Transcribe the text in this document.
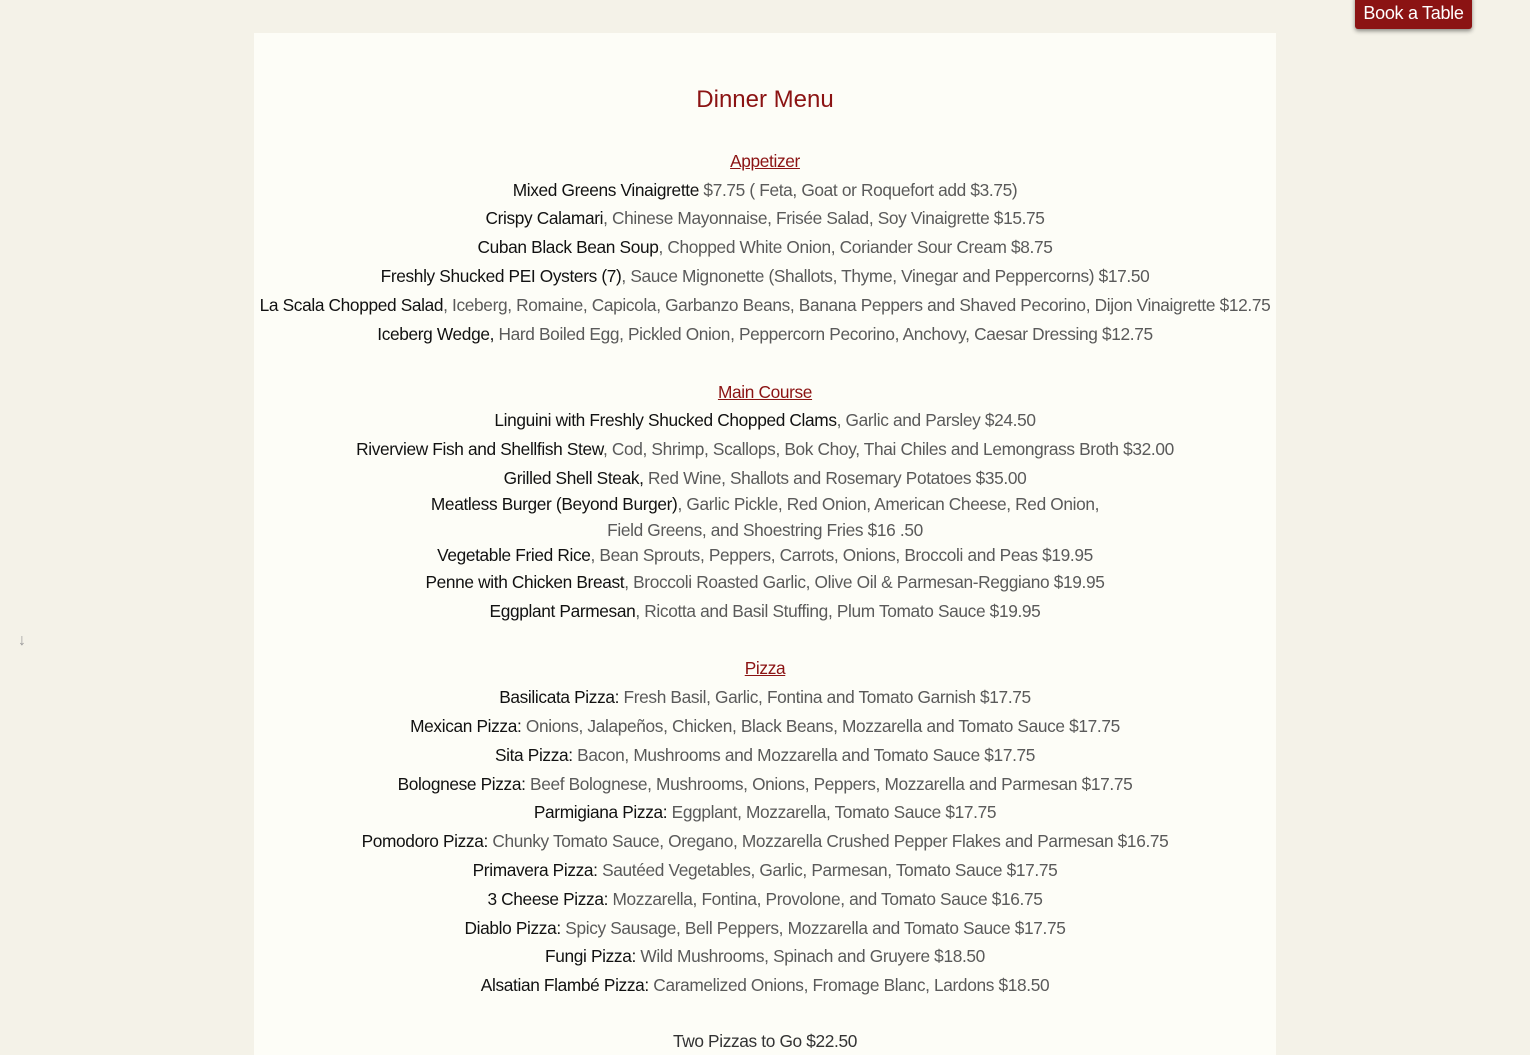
Book a Table
↓
Dinner Menu
Appetizer
Mixed Greens Vinaigrette $7.75 ( Feta, Goat or Roquefort add $3.75)
Crispy Calamari, Chinese Mayonnaise, Frisée Salad, Soy Vinaigrette $15.75
Cuban Black Bean Soup, Chopped White Onion, Coriander Sour Cream $8.75
Freshly Shucked PEI Oysters (7), Sauce Mignonette (Shallots, Thyme, Vinegar and Peppercorns) $17.50
La Scala Chopped Salad, Iceberg, Romaine, Capicola, Garbanzo Beans, Banana Peppers and Shaved Pecorino, Dijon Vinaigrette $12.75
Iceberg Wedge, Hard Boiled Egg, Pickled Onion, Peppercorn Pecorino, Anchovy, Caesar Dressing $12.75
Main Course
Linguini with Freshly Shucked Chopped Clams, Garlic and Parsley $24.50
Riverview Fish and Shellfish Stew, Cod, Shrimp, Scallops, Bok Choy, Thai Chiles and Lemongrass Broth $32.00
Grilled Shell Steak, Red Wine, Shallots and Rosemary Potatoes $35.00
Meatless Burger (Beyond Burger), Garlic Pickle, Red Onion, American Cheese, Red Onion,
Field Greens, and Shoestring Fries $16 .50
Vegetable Fried Rice, Bean Sprouts, Peppers, Carrots, Onions, Broccoli and Peas $19.95
Penne with Chicken Breast, Broccoli Roasted Garlic, Olive Oil & Parmesan-Reggiano $19.95
Eggplant Parmesan, Ricotta and Basil Stuffing, Plum Tomato Sauce $19.95
Pizza
Basilicata Pizza: Fresh Basil, Garlic, Fontina and Tomato Garnish $17.75
Mexican Pizza: Onions, Jalapeños, Chicken, Black Beans, Mozzarella and Tomato Sauce $17.75
Sita Pizza: Bacon, Mushrooms and Mozzarella and Tomato Sauce $17.75
Bolognese Pizza: Beef Bolognese, Mushrooms, Onions, Peppers, Mozzarella and Parmesan $17.75
Parmigiana Pizza: Eggplant, Mozzarella, Tomato Sauce $17.75
Pomodoro Pizza: Chunky Tomato Sauce, Oregano, Mozzarella Crushed Pepper Flakes and Parmesan $16.75
Primavera Pizza: Sautéed Vegetables, Garlic, Parmesan, Tomato Sauce $17.75
3 Cheese Pizza: Mozzarella, Fontina, Provolone, and Tomato Sauce $16.75
Diablo Pizza: Spicy Sausage, Bell Peppers, Mozzarella and Tomato Sauce $17.75
Fungi Pizza: Wild Mushrooms, Spinach and Gruyere $18.50
Alsatian Flambé Pizza: Caramelized Onions, Fromage Blanc, Lardons $18.50
Two Pizzas to Go $22.50
